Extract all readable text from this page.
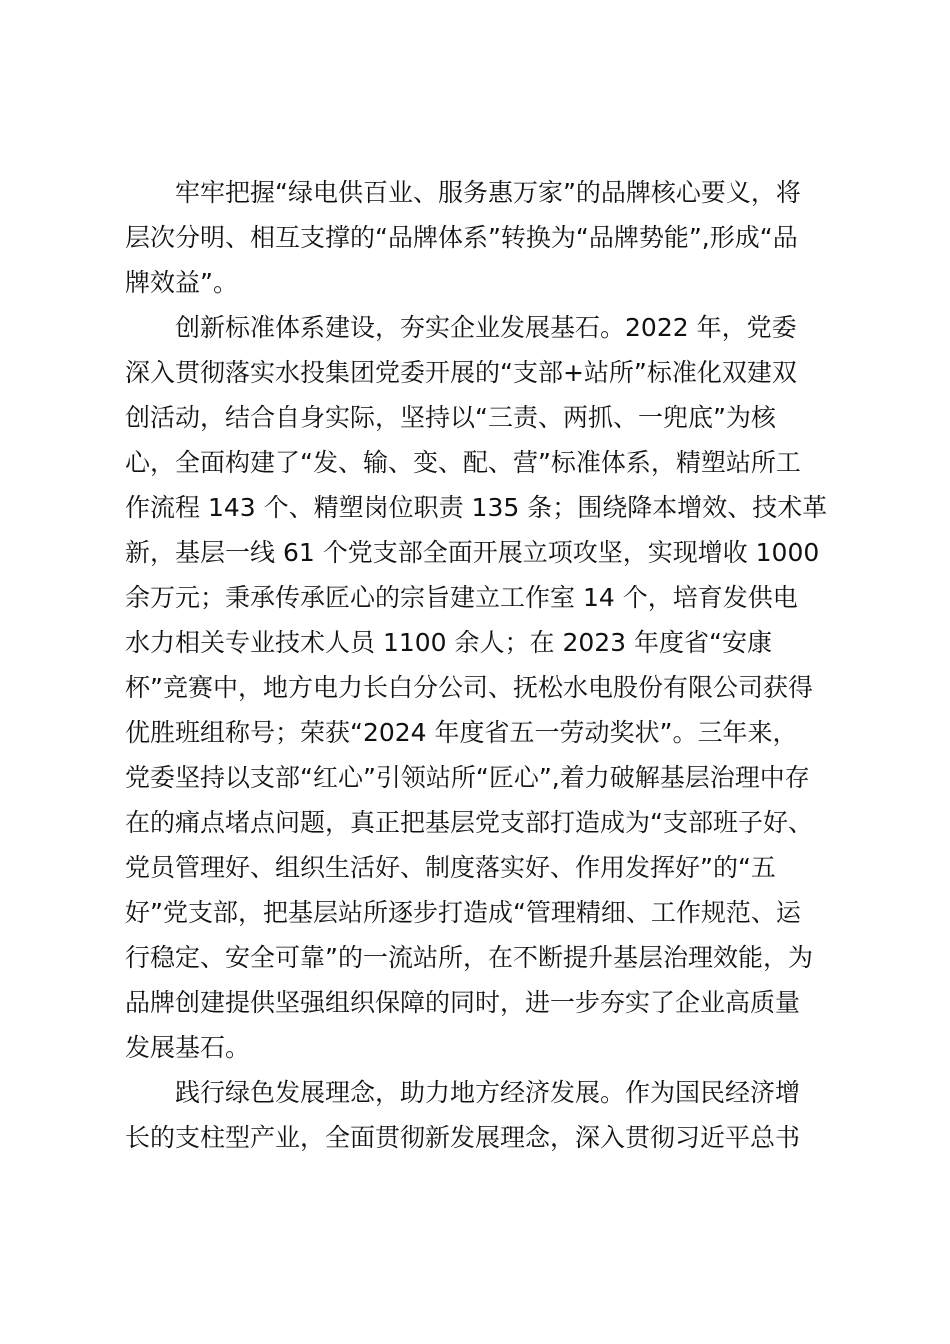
牢牢把握“绿电供百业、服务惠万家”的品牌核心要义，将
层次分明、相互支撑的“品牌体系”转换为“品牌势能”,形成“品
牌效益”。
创新标准体系建设，夯实企业发展基石。2022 年，党委
深入贯彻落实水投集团党委开展的“支部+站所”标准化双建双
创活动，结合自身实际，坚持以“三责、两抓、一兜底”为核
心，全面构建了“发、输、变、配、营”标准体系，精塑站所工
作流程 143 个、精塑岗位职责 135 条；围绕降本增效、技术革
新，基层一线 61 个党支部全面开展立项攻坚，实现增收 1000
余万元；秉承传承匠心的宗旨建立工作室 14 个，培育发供电
水力相关专业技术人员 1100 余人；在 2023 年度省“安康
杯”竞赛中，地方电力长白分公司、抚松水电股份有限公司获得
优胜班组称号；荣获“2024 年度省五一劳动奖状”。三年来，
党委坚持以支部“红心”引领站所“匠心”,着力破解基层治理中存
在的痛点堵点问题，真正把基层党支部打造成为“支部班子好、
党员管理好、组织生活好、制度落实好、作用发挥好”的“五
好”党支部，把基层站所逐步打造成“管理精细、工作规范、运
行稳定、安全可靠”的一流站所，在不断提升基层治理效能，为
品牌创建提供坚强组织保障的同时，进一步夯实了企业高质量
发展基石。
践行绿色发展理念，助力地方经济发展。作为国民经济增
长的支柱型产业，全面贯彻新发展理念，深入贯彻习近平总书
